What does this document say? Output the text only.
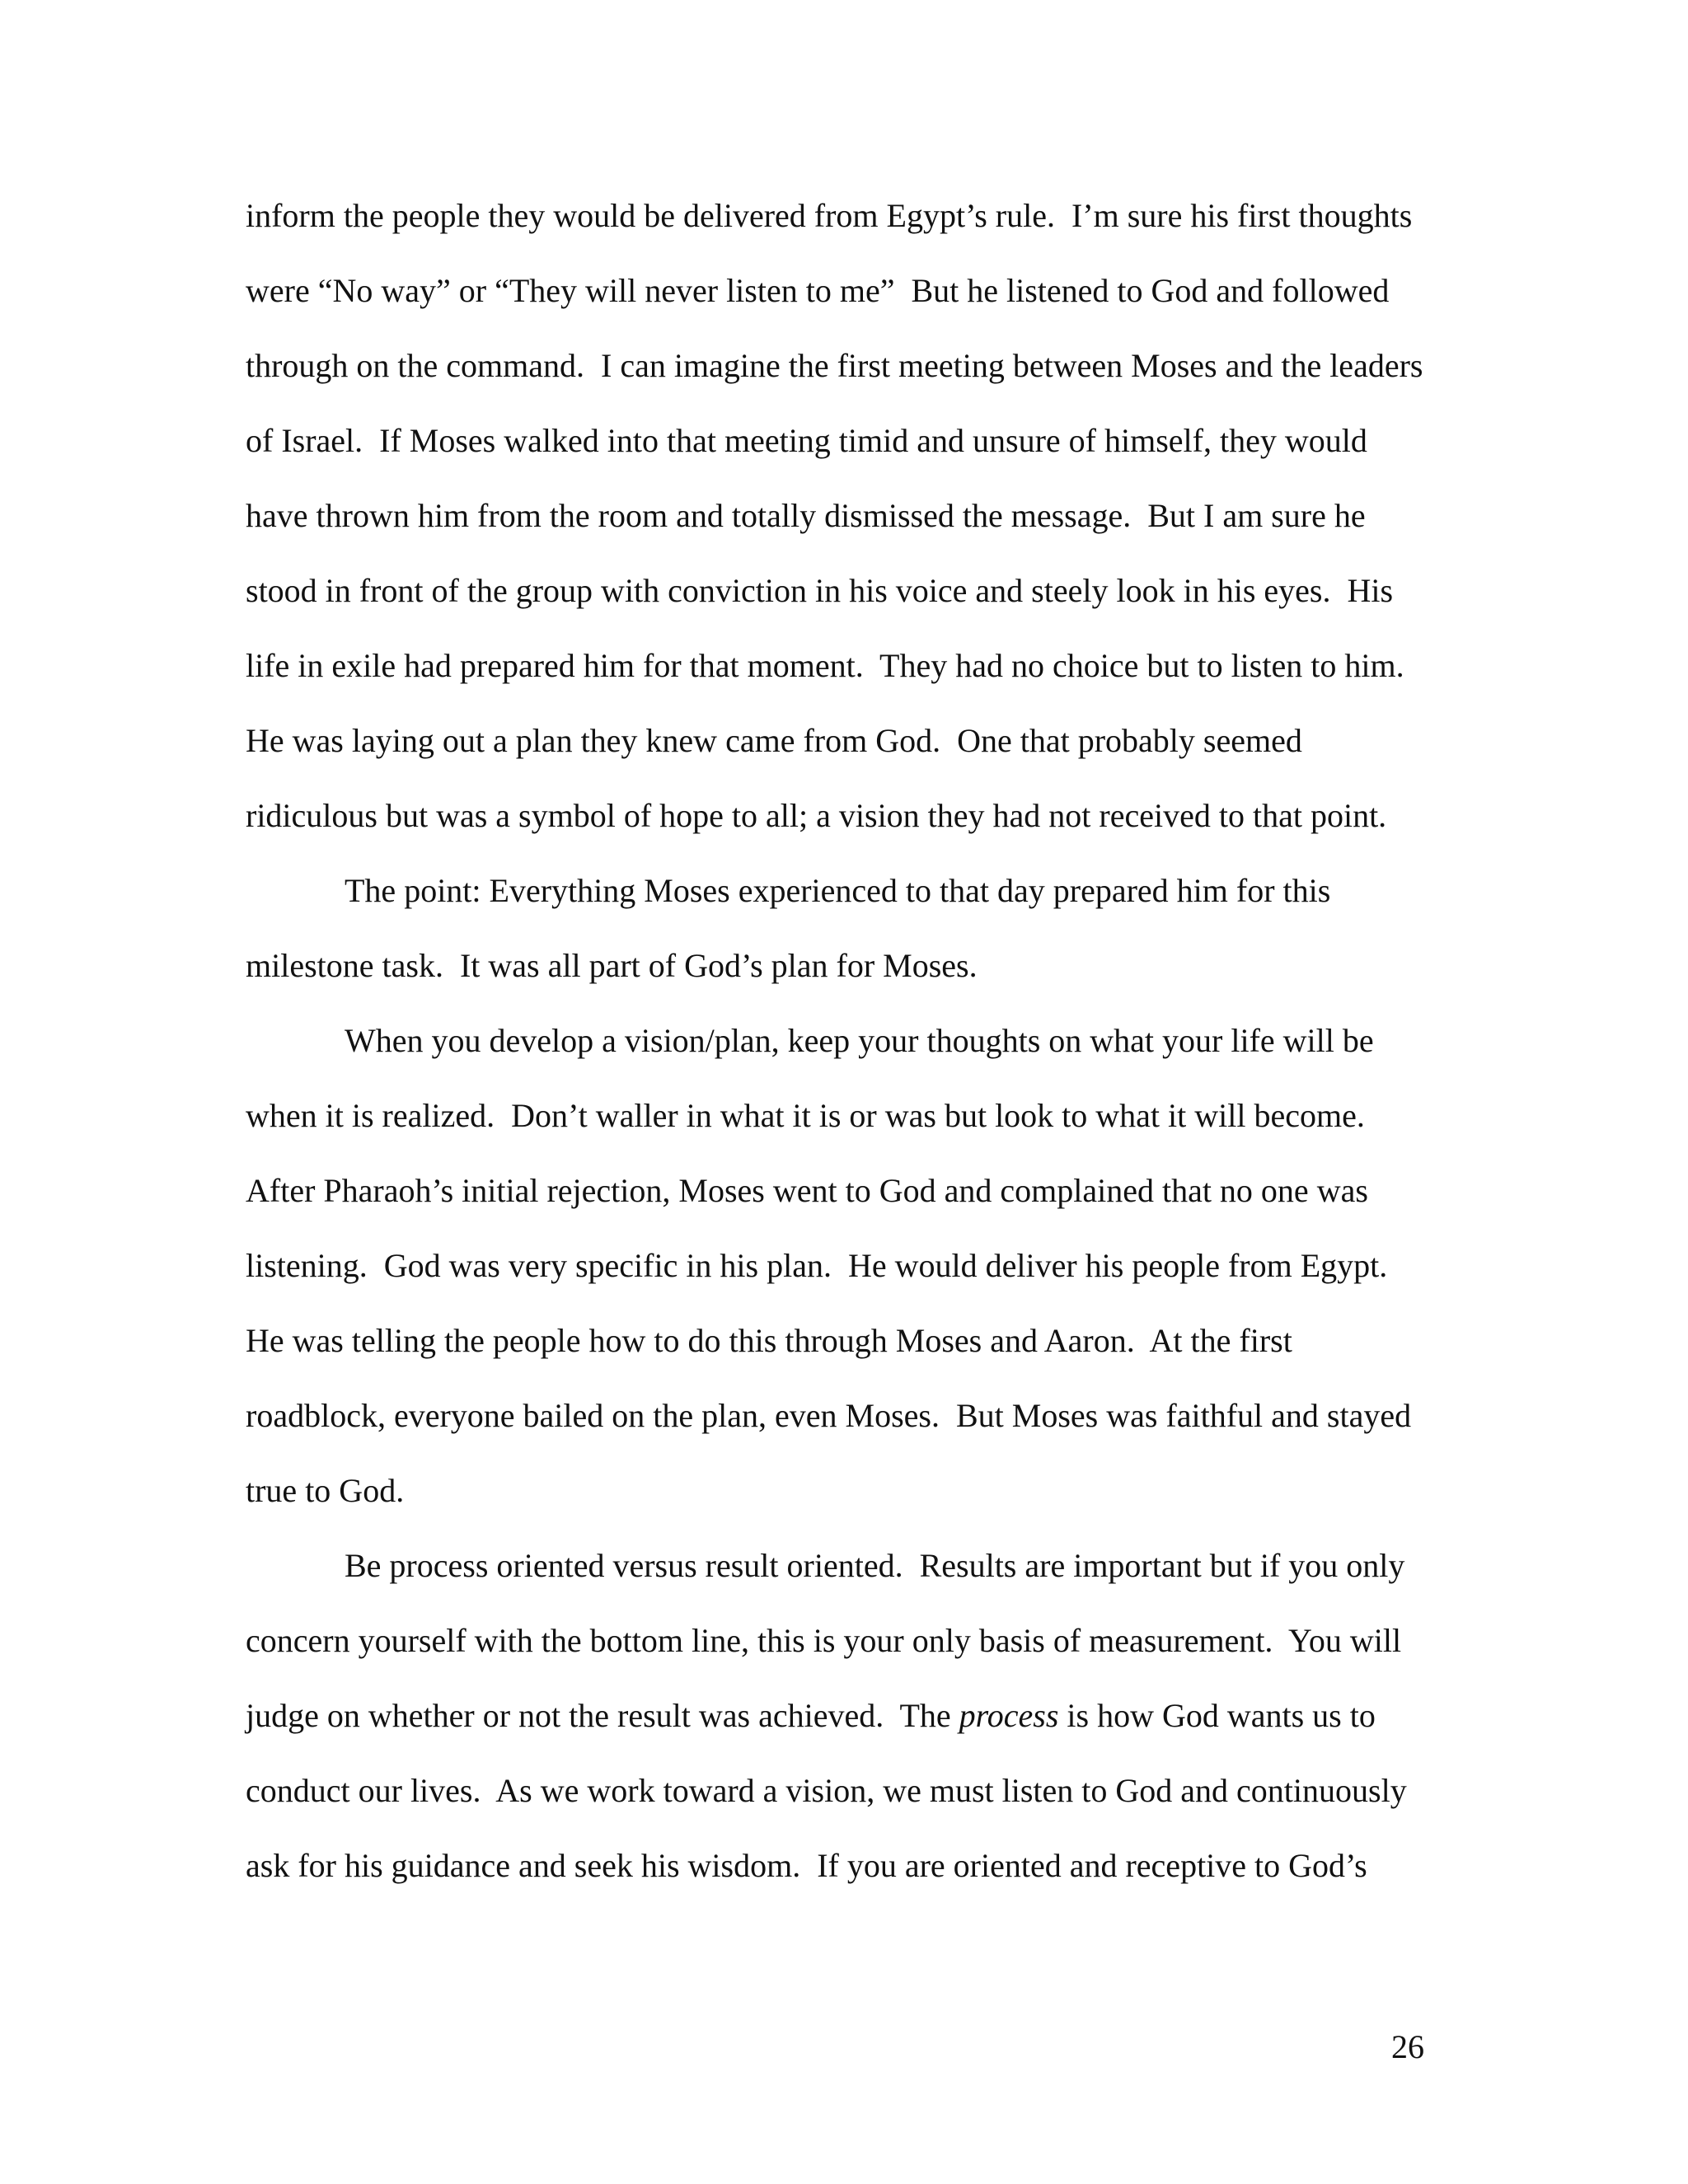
inform the people they would be delivered from Egypt’s rule.  I’m sure his first thoughts
were “No way” or “They will never listen to me”  But he listened to God and followed
through on the command.  I can imagine the first meeting between Moses and the leaders
of Israel.  If Moses walked into that meeting timid and unsure of himself, they would
have thrown him from the room and totally dismissed the message.  But I am sure he
stood in front of the group with conviction in his voice and steely look in his eyes.  His
life in exile had prepared him for that moment.  They had no choice but to listen to him.
He was laying out a plan they knew came from God.  One that probably seemed
ridiculous but was a symbol of hope to all; a vision they had not received to that point.
The point: Everything Moses experienced to that day prepared him for this
milestone task.  It was all part of God’s plan for Moses.
When you develop a vision/plan, keep your thoughts on what your life will be
when it is realized.  Don’t waller in what it is or was but look to what it will become.
After Pharaoh’s initial rejection, Moses went to God and complained that no one was
listening.  God was very specific in his plan.  He would deliver his people from Egypt.
He was telling the people how to do this through Moses and Aaron.  At the first
roadblock, everyone bailed on the plan, even Moses.  But Moses was faithful and stayed
true to God.
Be process oriented versus result oriented.  Results are important but if you only
concern yourself with the bottom line, this is your only basis of measurement.  You will
judge on whether or not the result was achieved.  The process is how God wants us to
conduct our lives.  As we work toward a vision, we must listen to God and continuously
ask for his guidance and seek his wisdom.  If you are oriented and receptive to God’s
26
